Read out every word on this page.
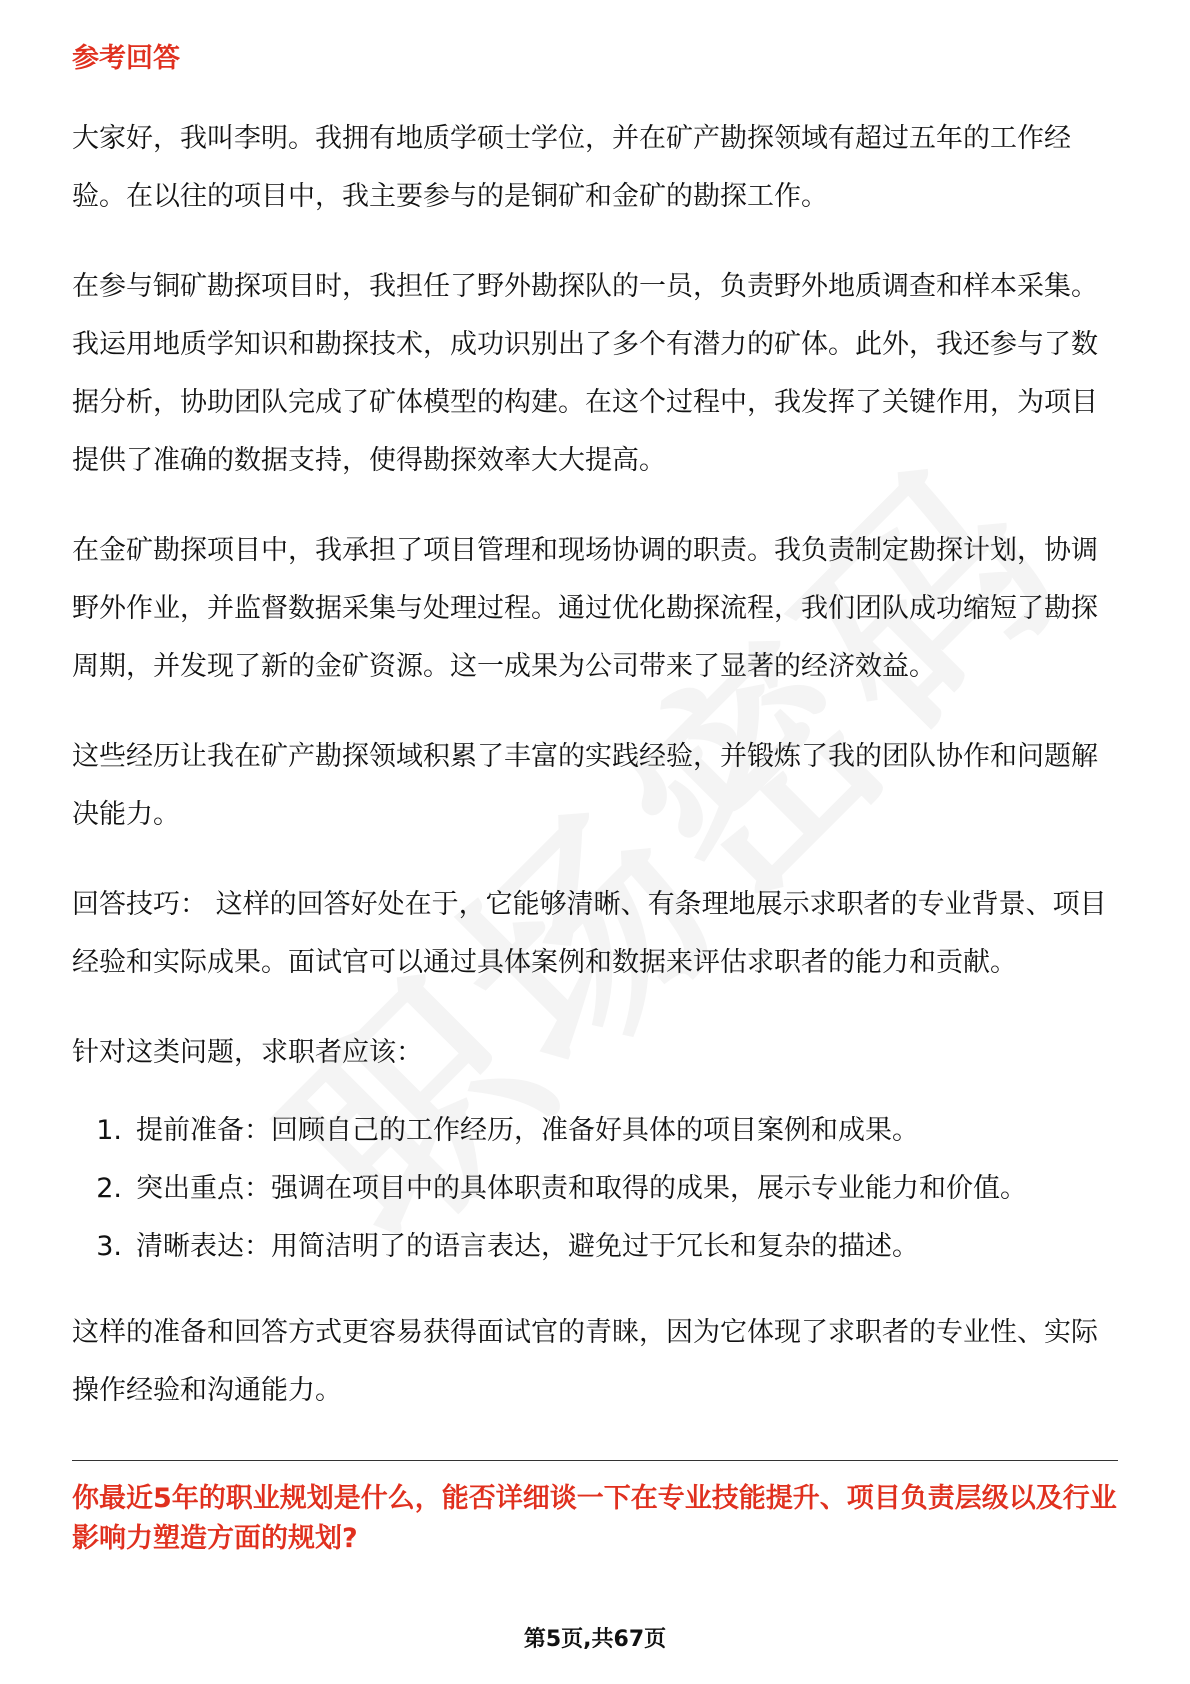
参考回答

大家好，我叫李明。我拥有地质学硕士学位，并在矿产勘探领域有超过五年的工作经验。在以往的项目中，我主要参与的是铜矿和金矿的勘探工作。

在参与铜矿勘探项目时，我担任了野外勘探队的一员，负责野外地质调查和样本采集。我运用地质学知识和勘探技术，成功识别出了多个有潜力的矿体。此外，我还参与了数据分析，协助团队完成了矿体模型的构建。在这个过程中，我发挥了关键作用，为项目提供了准确的数据支持，使得勘探效率大大提高。

在金矿勘探项目中，我承担了项目管理和现场协调的职责。我负责制定勘探计划，协调野外作业，并监督数据采集与处理过程。通过优化勘探流程，我们团队成功缩短了勘探周期，并发现了新的金矿资源。这一成果为公司带来了显著的经济效益。

这些经历让我在矿产勘探领域积累了丰富的实践经验，并锻炼了我的团队协作和问题解决能力。

回答技巧： 这样的回答好处在于，它能够清晰、有条理地展示求职者的专业背景、项目经验和实际成果。面试官可以通过具体案例和数据来评估求职者的能力和贡献。

针对这类问题，求职者应该：

1. 提前准备：回顾自己的工作经历，准备好具体的项目案例和成果。
2. 突出重点：强调在项目中的具体职责和取得的成果，展示专业能力和价值。
3. 清晰表达：用简洁明了的语言表达，避免过于冗长和复杂的描述。

这样的准备和回答方式更容易获得面试官的青睐，因为它体现了求职者的专业性、实际操作经验和沟通能力。

你最近5年的职业规划是什么，能否详细谈一下在专业技能提升、项目负责层级以及行业影响力塑造方面的规划?

第5页,共67页
